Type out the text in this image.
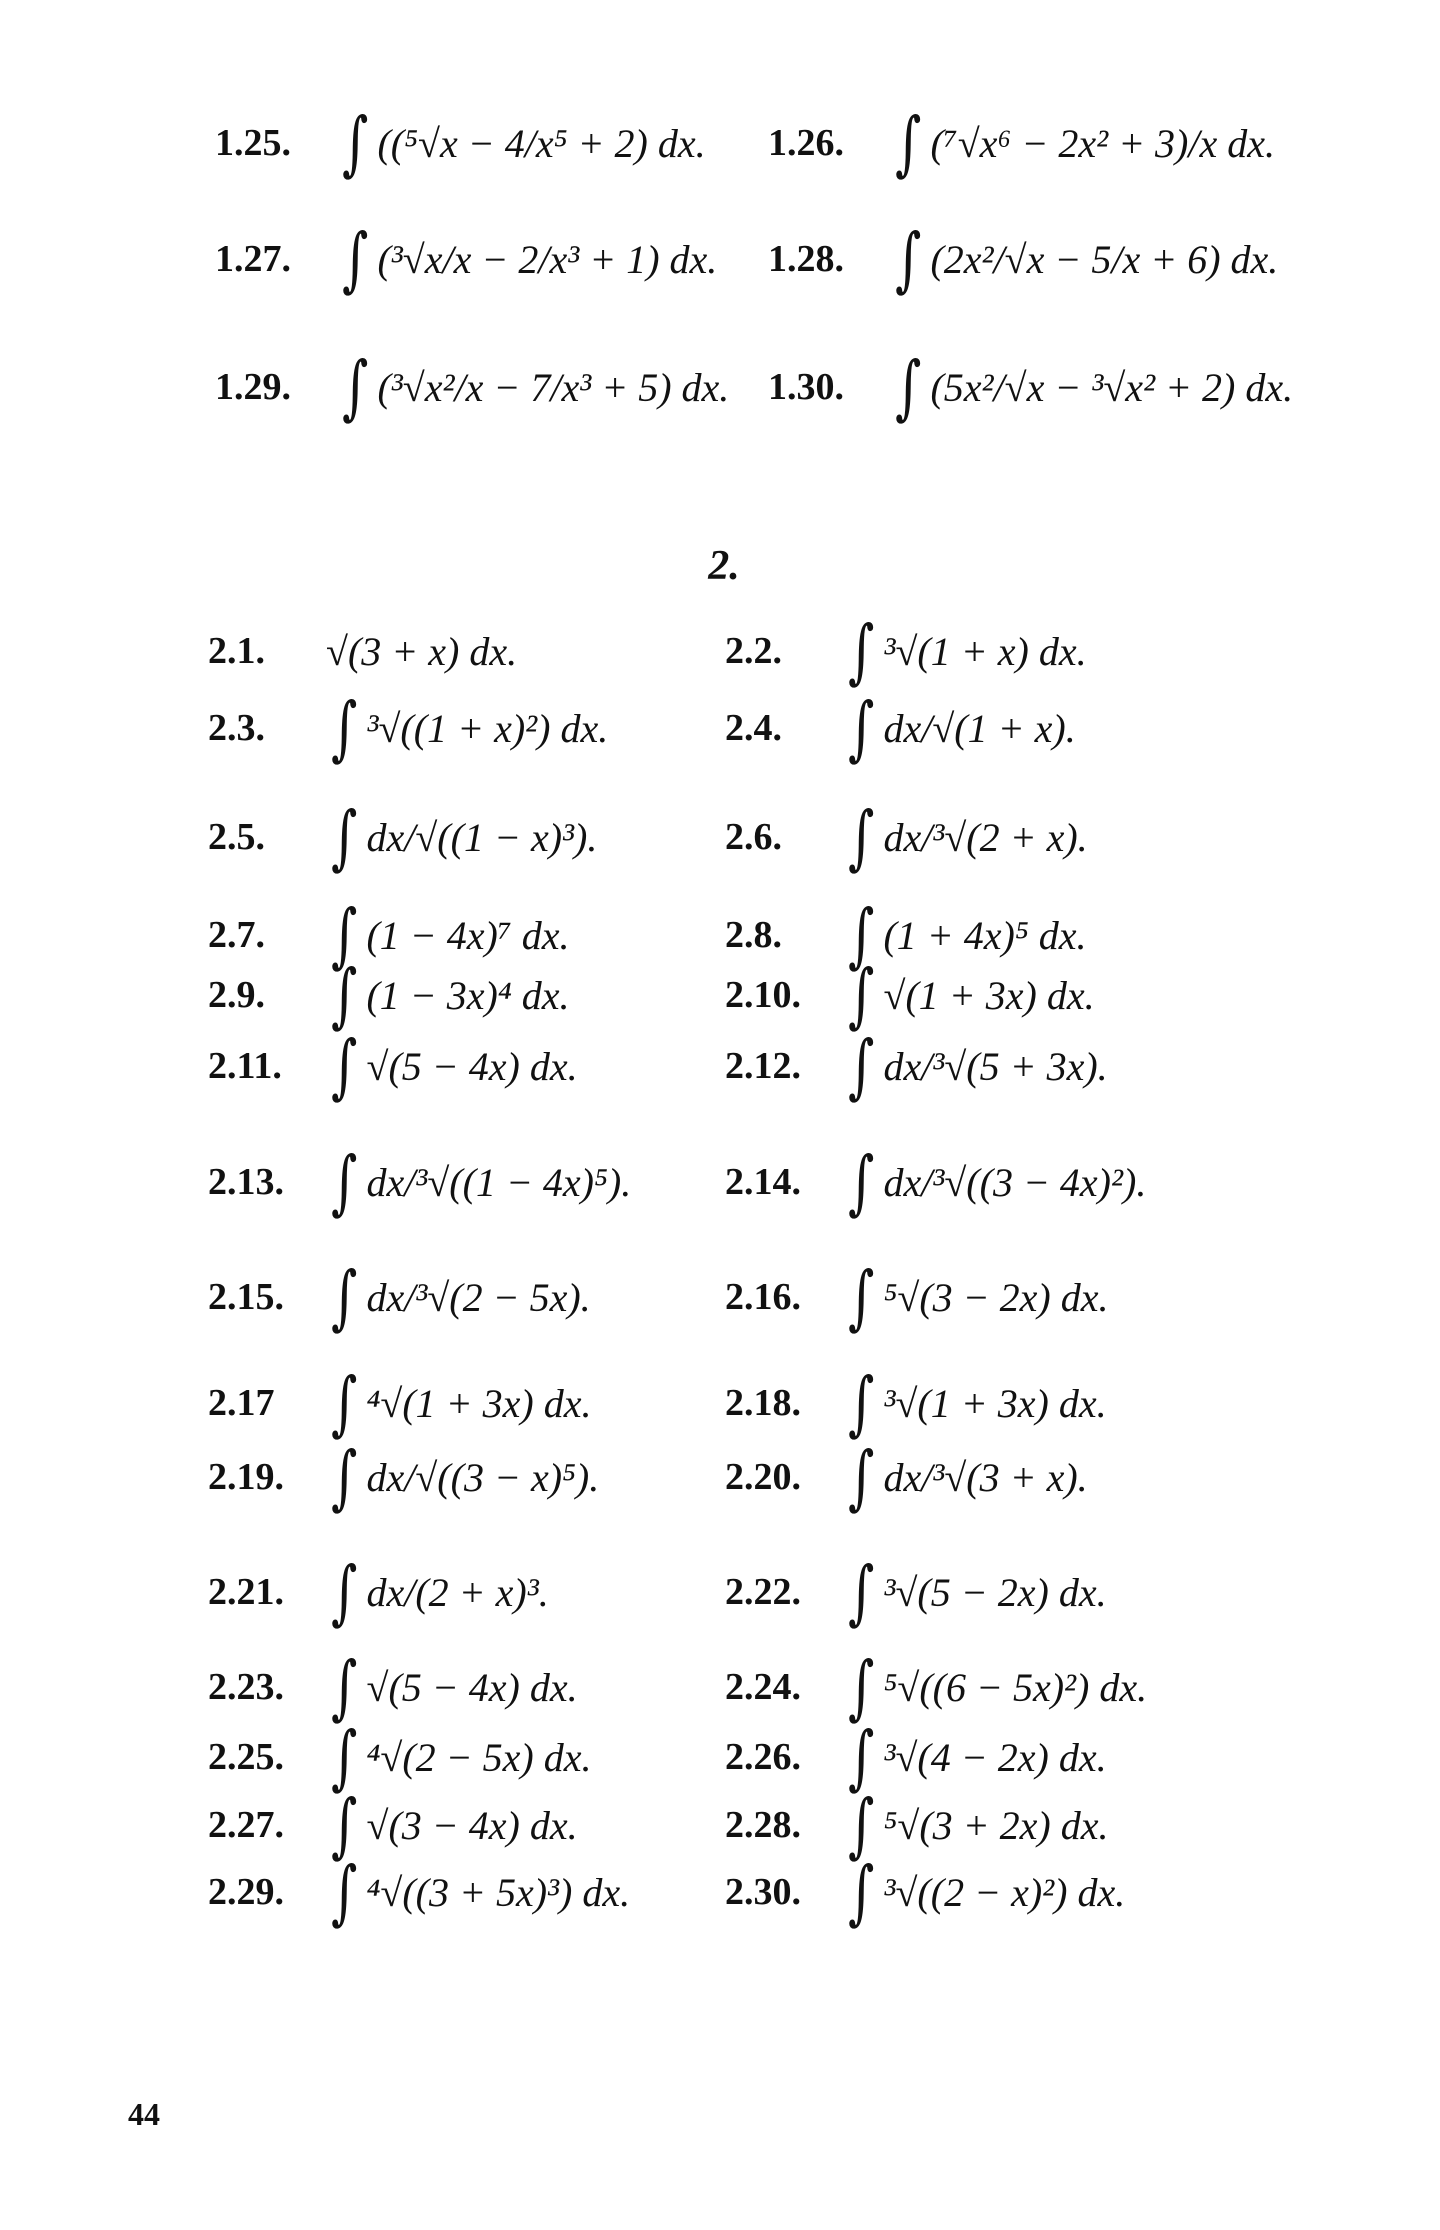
1.25. ∫ ((⁵√x − 4/x⁵ + 2) dx. 1.26. ∫ (⁷√x⁶ − 2x² + 3)/x dx.
1.27. ∫ (³√x/x − 2/x³ + 1) dx. 1.28. ∫ (2x²/√x − 5/x + 6) dx.
1.29. ∫ (³√x²/x − 7/x³ + 5) dx. 1.30. ∫ (5x²/√x − ³√x² + 2) dx.
2.
2.1.	√(3 + x) dx.	2.2. ∫ ³√(1 + x) dx.
2.3. ∫ ³√((1 + x)²) dx.	2.4. ∫ dx/√(1 + x).
2.5. ∫ dx/√((1 − x)³).	2.6. ∫ dx/³√(2 + x).
2.7. ∫ (1 − 4x)⁷ dx.	2.8. ∫ (1 + 4x)⁵ dx.
2.9. ∫ (1 − 3x)⁴ dx.	2.10. ∫ √(1 + 3x) dx.
2.11. ∫ √(5 − 4x) dx.	2.12. ∫ dx/³√(5 + 3x).
2.13. ∫ dx/³√((1 − 4x)⁵). 2.14. ∫ dx/³√((3 − 4x)²).
2.15. ∫ dx/³√(2 − 5x).	2.16. ∫ ⁵√(3 − 2x) dx.
2.17 ∫ ⁴√(1 + 3x) dx.	2.18. ∫ ³√(1 + 3x) dx.
2.19. ∫ dx/√((3 − x)⁵).	2.20. ∫ dx/³√(3 + x).
2.21. ∫ dx/(2 + x)³.	2.22. ∫ ³√(5 − 2x) dx.
2.23. ∫ √(5 − 4x) dx.	2.24. ∫ ⁵√((6 − 5x)²) dx.
2.25. ∫ ⁴√(2 − 5x) dx.	2.26. ∫ ³√(4 − 2x) dx.
2.27. ∫ √(3 − 4x) dx.	2.28. ∫ ⁵√(3 + 2x) dx.
2.29. ∫ ⁴√((3 + 5x)³) dx. 2.30. ∫ ³√((2 − x)²) dx.
44
